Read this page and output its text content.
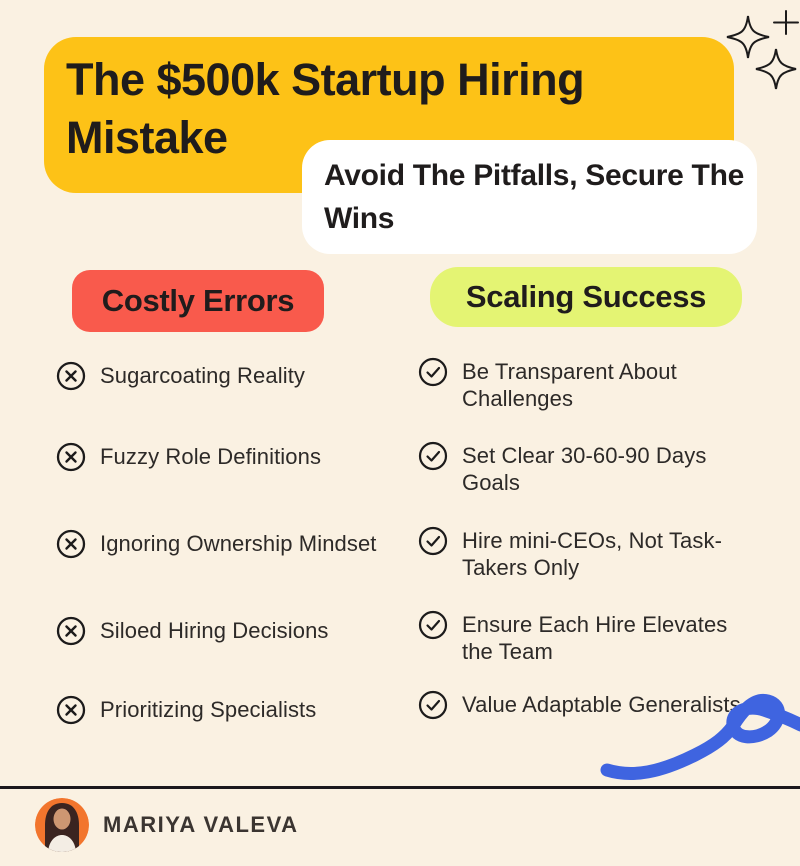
The $500k Startup Hiring Mistake
Avoid The Pitfalls, Secure The Wins
Costly Errors	Scaling Success
Sugarcoating Reality
Fuzzy Role Definitions
Ignoring Ownership Mindset
Siloed Hiring Decisions
Prioritizing Specialists
Be Transparent About Challenges
Set Clear 30-60-90 Days Goals
Hire mini-CEOs, Not Task-Takers Only
Ensure Each Hire Elevates the Team
Value Adaptable Generalists
MARIYA VALEVA
